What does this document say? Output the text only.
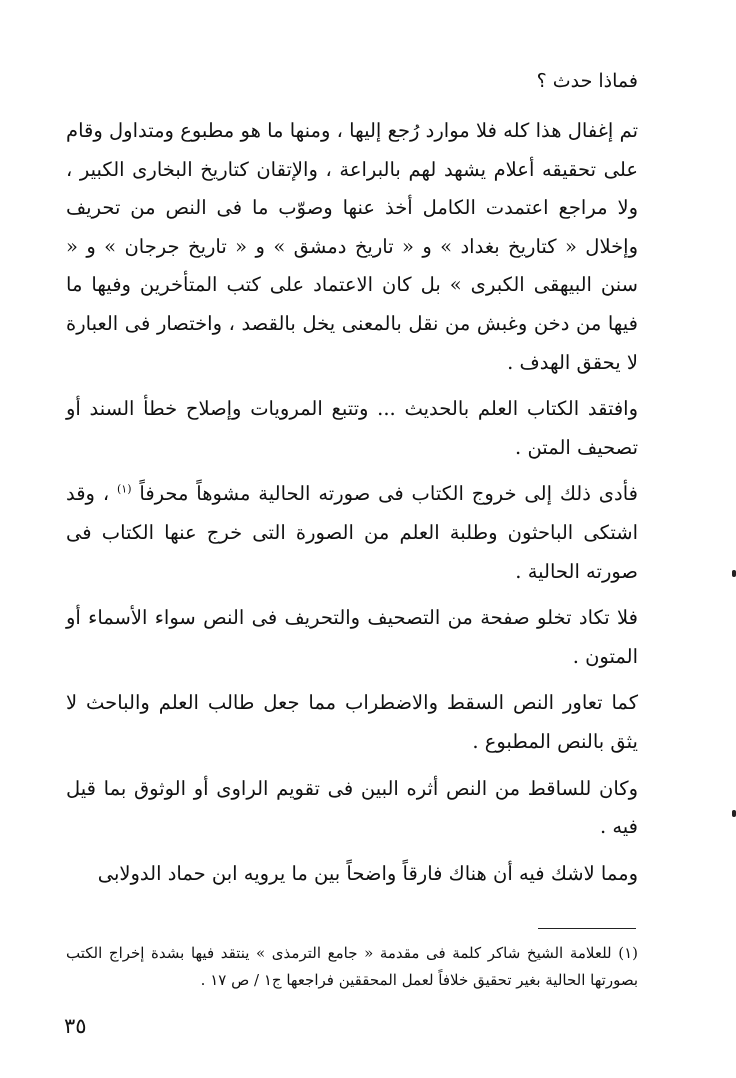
فماذا حدث ؟

تم إغفال هذا كله فلا موارد رُجع إليها ، ومنها ما هو مطبوع ومتداول وقام على تحقيقه أعلام يشهد لهم بالبراعة ، والإتقان كتاريخ البخارى الكبير ، ولا مراجع اعتمدت الكامل أخذ عنها وصوّب ما فى النص من تحريف وإخلال « كتاريخ بغداد » و « تاريخ دمشق » و « تاريخ جرجان » و « سنن البيهقى الكبرى » بل كان الاعتماد على كتب المتأخرين وفيها ما فيها من دخن وغبش من نقل بالمعنى يخل بالقصد ، واختصار فى العبارة لا يحقق الهدف .

وافتقد الكتاب العلم بالحديث ... وتتبع المرويات وإصلاح خطأ السند أو تصحيف المتن .

فأدى ذلك إلى خروج الكتاب فى صورته الحالية مشوهاً محرفاً $^{(١)}$ ، وقد اشتكى الباحثون وطلبة العلم من الصورة التى خرج عنها الكتاب فى صورته الحالية .

فلا تكاد تخلو صفحة من التصحيف والتحريف فى النص سواء الأسماء أو المتون .

كما تعاور النص السقط والاضطراب مما جعل طالب العلم والباحث لا يثق بالنص المطبوع .

وكان للساقط من النص أثره البين فى تقويم الراوى أو الوثوق بما قيل فيه .

ومما لاشك فيه أن هناك فارقاً واضحاً بين ما يرويه ابن حماد الدولابى

(١) للعلامة الشيخ شاكر كلمة فى مقدمة « جامع الترمذى » ينتقد فيها بشدة إخراج الكتب بصورتها الحالية بغير تحقيق خلافاً لعمل المحققين فراجعها ج١ / ص ١٧ .
٣٥
